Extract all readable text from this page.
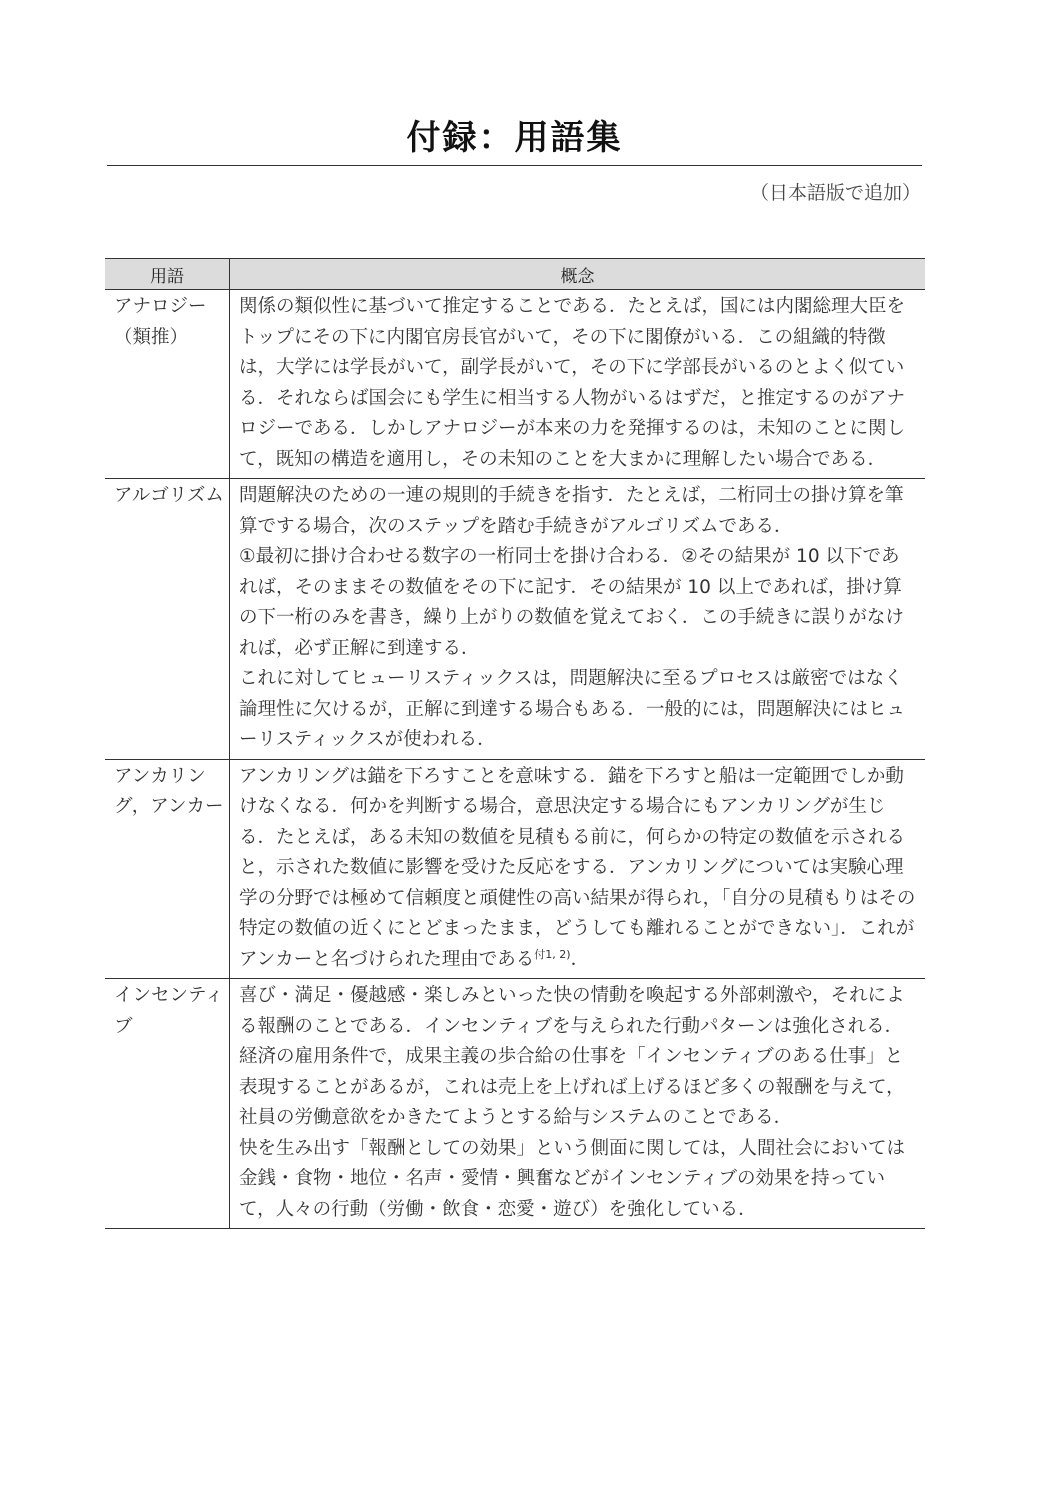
付録：用語集
（日本語版で追加）
用語	概念
アナロジー（類推）	関係の類似性に基づいて推定することである．たとえば，国には内閣総理大臣をトップにその下に内閣官房長官がいて，その下に閣僚がいる．この組織的特徴は，大学には学長がいて，副学長がいて，その下に学部長がいるのとよく似ている．それならば国会にも学生に相当する人物がいるはずだ，と推定するのがアナロジーである．しかしアナロジーが本来の力を発揮するのは，未知のことに関して，既知の構造を適用し，その未知のことを大まかに理解したい場合である．

アルゴリズム	問題解決のための一連の規則的手続きを指す．たとえば，二桁同士の掛け算を筆算でする場合，次のステップを踏む手続きがアルゴリズムである．
①最初に掛け合わせる数字の一桁同士を掛け合わる．②その結果が 10 以下であれば，そのままその数値をその下に記す．その結果が 10 以上であれば，掛け算の下一桁のみを書き，繰り上がりの数値を覚えておく．この手続きに誤りがなければ，必ず正解に到達する．
これに対してヒューリスティックスは，問題解決に至るプロセスは厳密ではなく論理性に欠けるが，正解に到達する場合もある．一般的には，問題解決にはヒューリスティックスが使われる．

アンカリング，アンカー	アンカリングは錨を下ろすことを意味する．錨を下ろすと船は一定範囲でしか動けなくなる．何かを判断する場合，意思決定する場合にもアンカリングが生じる．たとえば，ある未知の数値を見積もる前に，何らかの特定の数値を示されると，示された数値に影響を受けた反応をする．アンカリングについては実験心理学の分野では極めて信頼度と頑健性の高い結果が得られ，「自分の見積もりはその特定の数値の近くにとどまったまま，どうしても離れることができない」．これがアンカーと名づけられた理由である$^{付1, 2)}$．

インセンティブ	喜び・満足・優越感・楽しみといった快の情動を喚起する外部刺激や，それによる報酬のことである．インセンティブを与えられた行動パターンは強化される．
経済の雇用条件で，成果主義の歩合給の仕事を「インセンティブのある仕事」と表現することがあるが，これは売上を上げれば上げるほど多くの報酬を与えて，社員の労働意欲をかきたてようとする給与システムのことである．
快を生み出す「報酬としての効果」という側面に関しては，人間社会においては金銭・食物・地位・名声・愛情・興奮などがインセンティブの効果を持っていて，人々の行動（労働・飲食・恋愛・遊び）を強化している．
